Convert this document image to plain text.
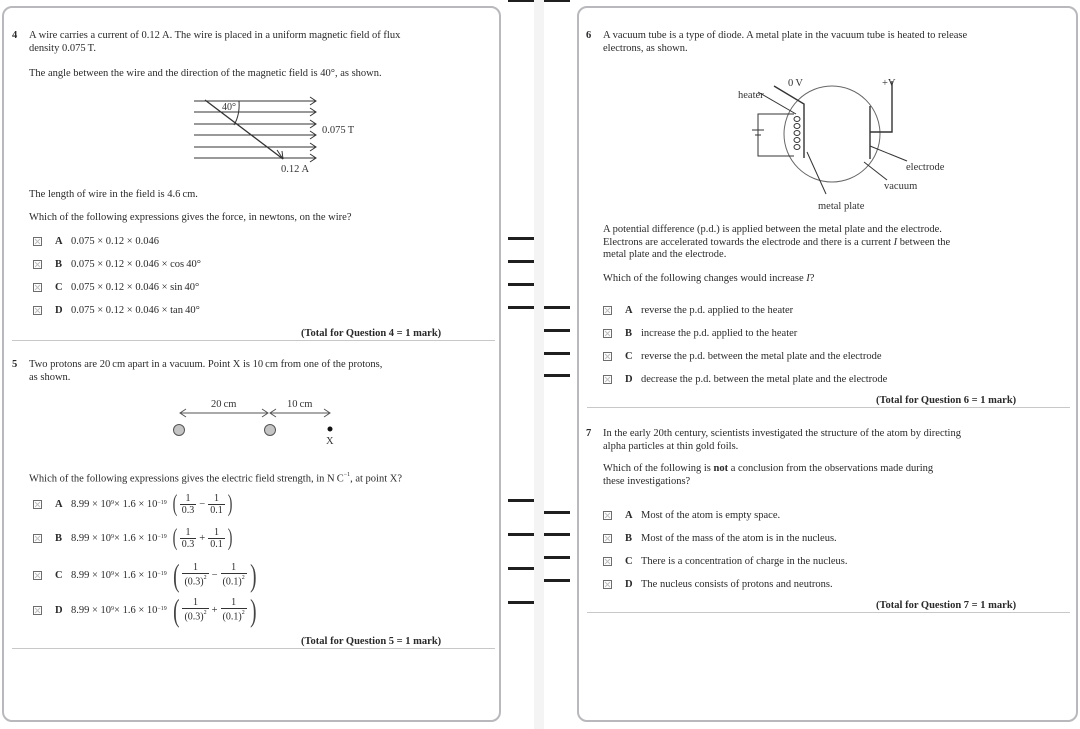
4 A wire carries a current of 0.12 A. The wire is placed in a uniform magnetic field of flux
density 0.075 T.
The angle between the wire and the direction of the magnetic field is 40°, as shown.
40°
0.075 T
0.12 A
The length of wire in the field is 4.6 cm.
Which of the following expressions gives the force, in newtons, on the wire?
A 0.075 × 0.12 × 0.046
B 0.075 × 0.12 × 0.046 × cos 40°
C 0.075 × 0.12 × 0.046 × sin 40°
D 0.075 × 0.12 × 0.046 × tan 40°
(Total for Question 4 = 1 mark)
5 Two protons are 20 cm apart in a vacuum. Point X is 10 cm from one of the protons,
as shown.
20 cm	10 cm
X
Which of the following expressions gives the electric field strength, in N $C^{-1}$, at point X?
A 8.99 × 10 9 × 1.6 × 10 −19 ( $\frac{1}{0.3} - \frac{1}{0.1}$ )
B 8.99 × 10 9 × 1.6 × 10 −19 ( $\frac{1}{0.3} + \frac{1}{0.1}$ )
C 8.99 × 10 9 × 1.6 × 10 −19 ( $\frac{1}{(0.3)^2} - \frac{1}{(0.1)^2}$ )
D 8.99 × 10 9 × 1.6 × 10 −19 ( $\frac{1}{(0.3)^2} + \frac{1}{(0.1)^2}$ )
(Total for Question 5 = 1 mark)
6 A vacuum tube is a type of diode. A metal plate in the vacuum tube is heated to release
electrons, as shown.
0 V	+V
heater
electrode
vacuum
metal plate
A potential difference (p.d.) is applied between the metal plate and the electrode.
Electrons are accelerated towards the electrode and there is a current I between the
metal plate and the electrode.
Which of the following changes would increase I?
A reverse the p.d. applied to the heater
B increase the p.d. applied to the heater
C reverse the p.d. between the metal plate and the electrode
D decrease the p.d. between the metal plate and the electrode
(Total for Question 6 = 1 mark)
7 In the early 20th century, scientists investigated the structure of the atom by directing
alpha particles at thin gold foils.
Which of the following is not a conclusion from the observations made during
these investigations?
A Most of the atom is empty space.
B Most of the mass of the atom is in the nucleus.
C There is a concentration of charge in the nucleus.
D The nucleus consists of protons and neutrons.
(Total for Question 7 = 1 mark)
